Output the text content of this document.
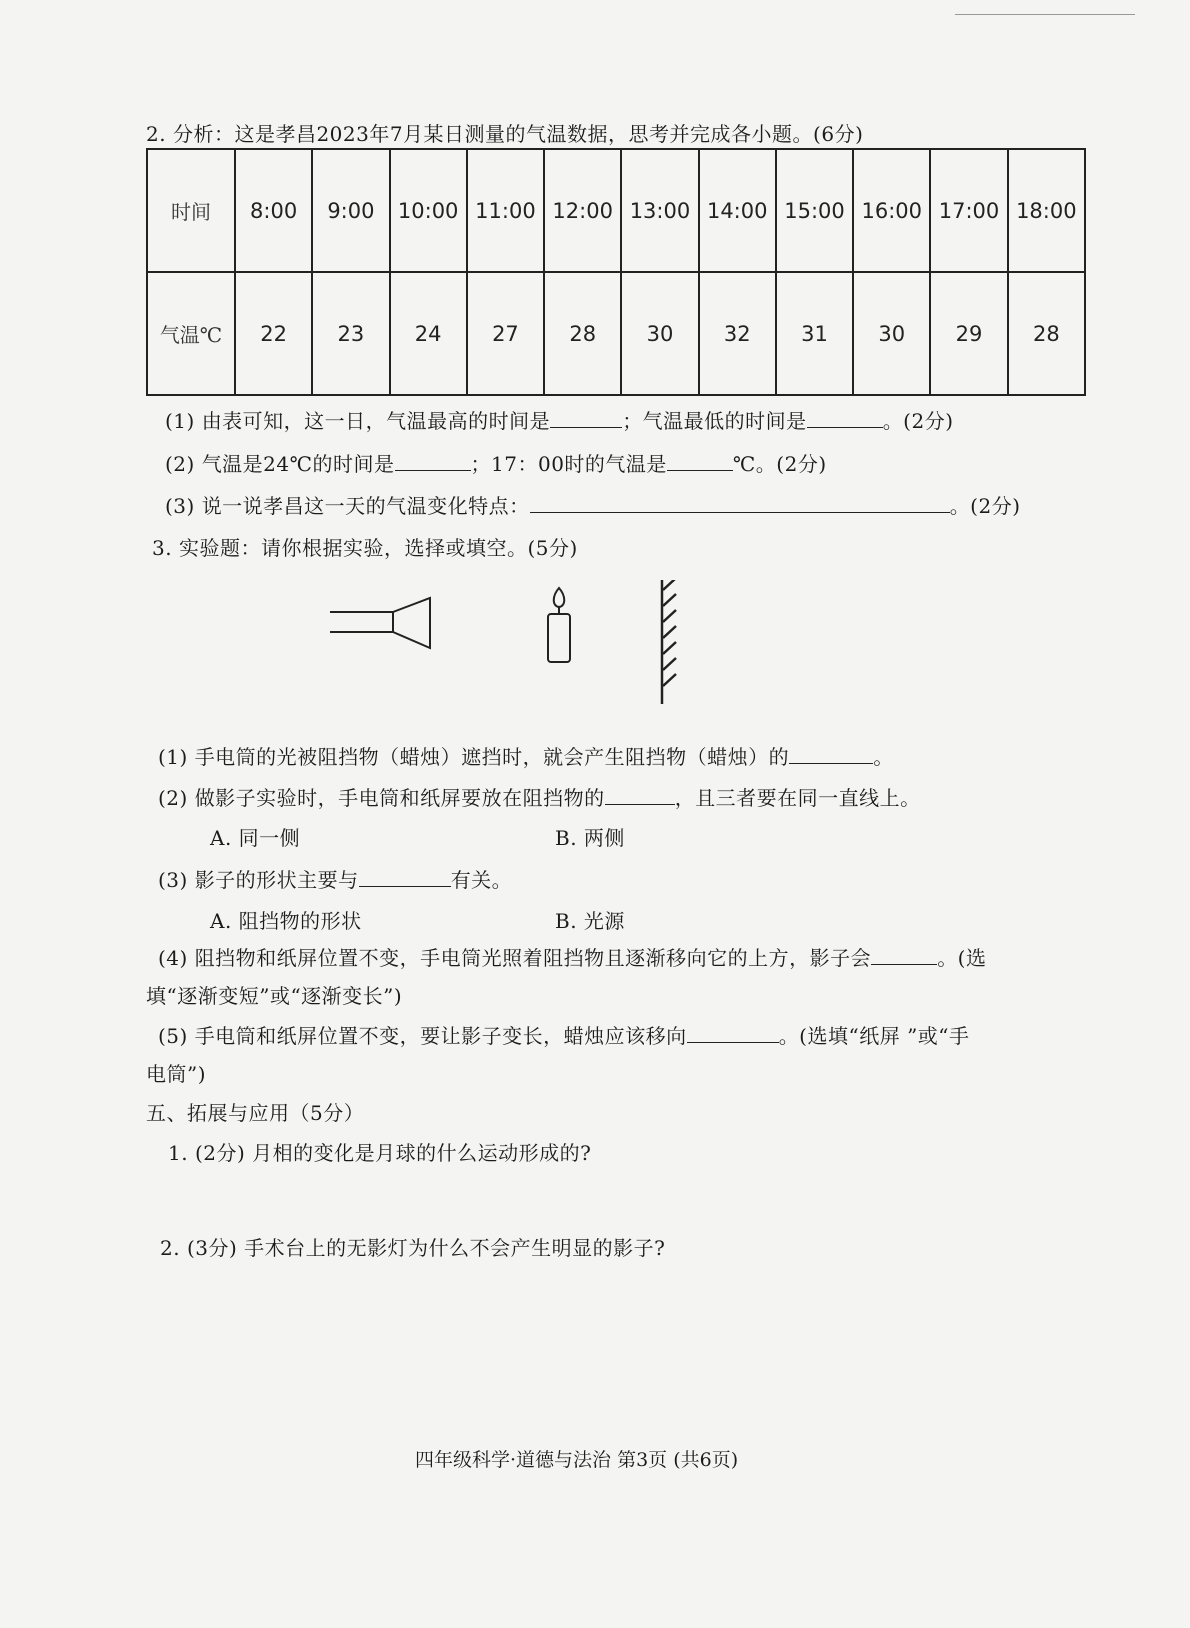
2. 分析：这是孝昌2023年7月某日测量的气温数据，思考并完成各小题。(6分)
时间	8:00	9:00	10:00	11:00	12:00	13:00	14:00	15:00	16:00	17:00	18:00
气温℃	22	23	24	27	28	30	32	31	30	29	28
(1) 由表可知，这一日，气温最高的时间是	；气温最低的时间是	。(2分)
(2) 气温是24℃的时间是	；17：00时的气温是	℃。(2分)
(3) 说一说孝昌这一天的气温变化特点：	。(2分)
3. 实验题：请你根据实验，选择或填空。(5分)
(1) 手电筒的光被阻挡物（蜡烛）遮挡时，就会产生阻挡物（蜡烛）的	。
(2) 做影子实验时，手电筒和纸屏要放在阻挡物的	，且三者要在同一直线上。
A. 同一侧	B. 两侧
(3) 影子的形状主要与	有关。
A. 阻挡物的形状	B. 光源
(4) 阻挡物和纸屏位置不变，手电筒光照着阻挡物且逐渐移向它的上方，影子会	。(选
填“逐渐变短”或“逐渐变长”)
(5) 手电筒和纸屏位置不变，要让影子变长，蜡烛应该移向	。(选填“纸屏 ”或“手
电筒”)
五、拓展与应用（5分）
1. (2分) 月相的变化是月球的什么运动形成的?
2. (3分) 手术台上的无影灯为什么不会产生明显的影子?
四年级科学·道德与法治 第3页 (共6页)
